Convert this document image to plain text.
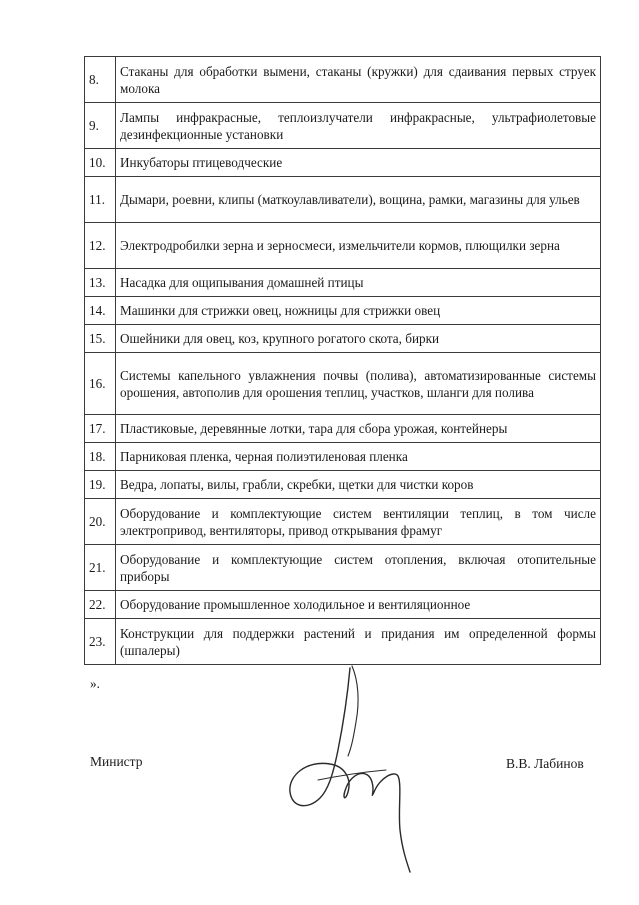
8.	Стаканы для обработки вымени, стаканы (кружки) для сдаивания первых струек молока
9.	Лампы инфракрасные, теплоизлучатели инфракрасные, ультрафиолетовые дезинфекционные установки
10.	Инкубаторы птицеводческие
11.	Дымари, роевни, клипы (маткоулавливатели), вощина, рамки, магазины для ульев
12.	Электродробилки зерна и зерносмеси, измельчители кормов, плющилки зерна
13.	Насадка для ощипывания домашней птицы
14.	Машинки для стрижки овец, ножницы для стрижки овец
15.	Ошейники для овец, коз, крупного рогатого скота, бирки
16.	Системы капельного увлажнения почвы (полива), автоматизированные системы орошения, автополив для орошения теплиц, участков, шланги для полива
17.	Пластиковые, деревянные лотки, тара для сбора урожая, контейнеры
18.	Парниковая пленка, черная полиэтиленовая пленка
19.	Ведра, лопаты, вилы, грабли, скребки, щетки для чистки коров
20.	Оборудование и комплектующие систем вентиляции теплиц, в том числе электропривод, вентиляторы, привод открывания фрамуг
21.	Оборудование и комплектующие систем отопления, включая отопительные приборы
22.	Оборудование промышленное холодильное и вентиляционное
23.	Конструкции для поддержки растений и придания им определенной формы (шпалеры)
».
Министр	В.В. Лабинов
